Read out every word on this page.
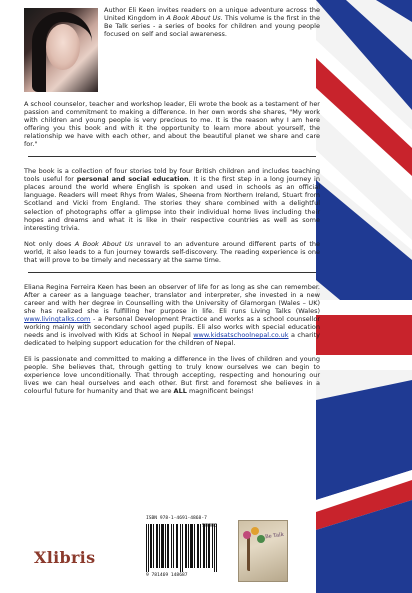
Author Eli Keen invites readers on a unique adventure across the United Kingdom in A Book About Us. This volume is the first in the Be Talk series - a series of books for children and young people focused on self and social awareness.

A school counselor, teacher and workshop leader, Eli wrote the book as a testament of her passion and commitment to making a difference. In her own words she shares, "My work with children and young people is very precious to me. It is the reason why I am here offering you this book and with it the opportunity to learn more about yourself, the relationship we have with each other, and about the beautiful planet we share and care for."

The book is a collection of four stories told by four British children and includes teaching tools useful for personal and social education. It is the first step in a long journey in places around the world where English is spoken and used in schools as an official language. Readers will meet Rhys from Wales, Sheena from Northern Ireland, Stuart from Scotland and Vicki from England. The stories they share combined with a delightful selection of photographs offer a glimpse into their individual home lives including their hopes and dreams and what it is like in their respective countries as well as some interesting trivia.

Not only does A Book About Us unravel to an adventure around different parts of the world, it also leads to a fun journey towards self-discovery. The reading experience is one that will prove to be timely and necessary at the same time.

Eliana Regina Ferreira Keen has been an observer of life for as long as she can remember. After a career as a language teacher, translator and interpreter, she invested in a new career and with her degree in Counselling with the University of Glamorgan (Wales – UK) she has realized she is fulfilling her purpose in life. Eli runs Living Talks (Wales) www.livingtalks.com - a Personal Development Practice and works as a school counsellor working mainly with secondary school aged pupils. Eli also works with special education needs and is involved with Kids at School in Nepal www.kidsatschoolnepal.co.uk a charity dedicated to helping support education for the children of Nepal.

Eli is passionate and committed to making a difference in the lives of children and young people. She believes that, through getting to truly know ourselves we can begin to experience love unconditionally. That through accepting, respecting and honouring our lives we can heal ourselves and each other. But first and foremost she believes in a colourful future for humanity and that we are ALL magnificent beings!

Xlibris
ISBN 978-1-4691-4868-7
9 781469 148687
Be Talk
